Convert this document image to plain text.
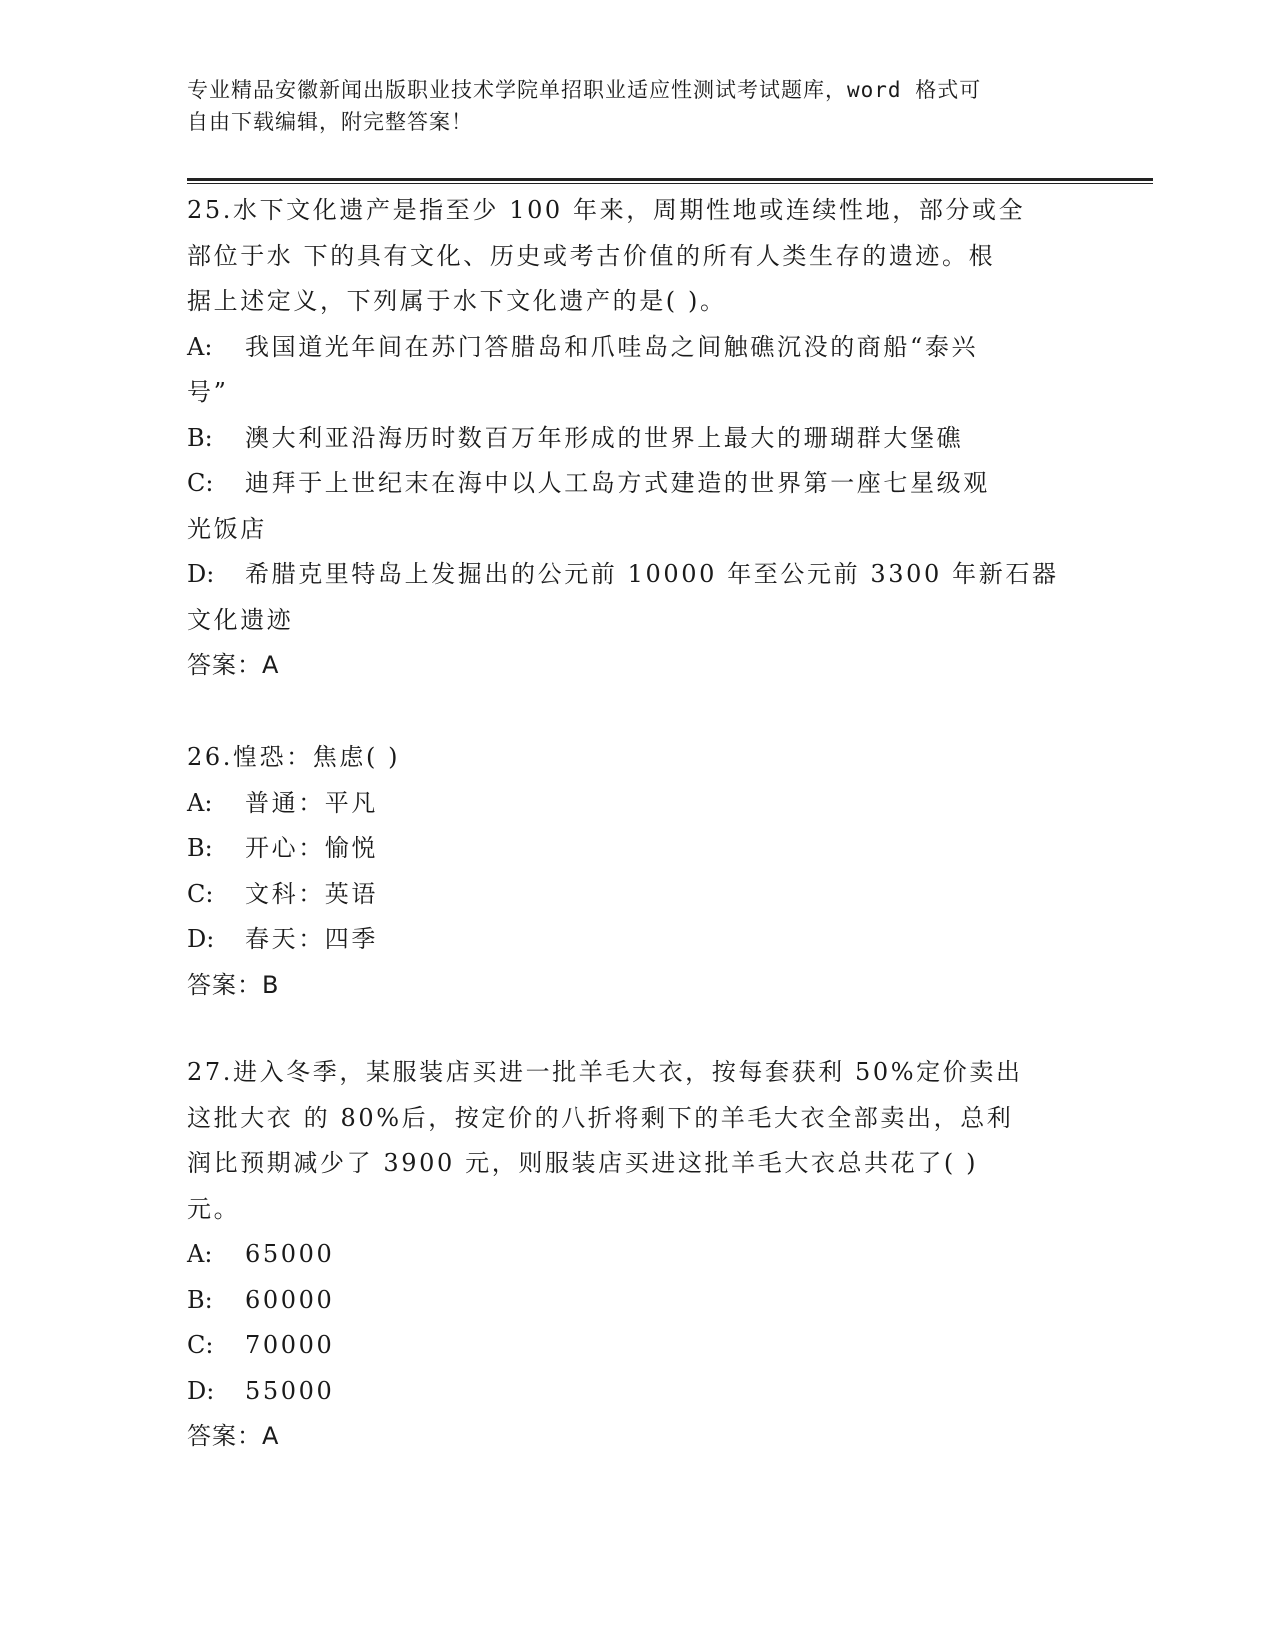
专业精品安徽新闻出版职业技术学院单招职业适应性测试考试题库，word 格式可
自由下载编辑，附完整答案！
25.水下文化遗产是指至少 100 年来，周期性地或连续性地，部分或全
部位于水 下的具有文化、历史或考古价值的所有人类生存的遗迹。根
据上述定义，下列属于水下文化遗产的是( )。
A: 我国道光年间在苏门答腊岛和爪哇岛之间触礁沉没的商船“泰兴
号”
B: 澳大利亚沿海历时数百万年形成的世界上最大的珊瑚群大堡礁
C: 迪拜于上世纪末在海中以人工岛方式建造的世界第一座七星级观
光饭店
D: 希腊克里特岛上发掘出的公元前 10000 年至公元前 3300 年新石器
文化遗迹
答案：A
26.惶恐：焦虑( )
A: 普通：平凡
B: 开心：愉悦
C: 文科：英语
D: 春天：四季
答案：B
27.进入冬季，某服装店买进一批羊毛大衣，按每套获利 50%定价卖出
这批大衣 的 80%后，按定价的八折将剩下的羊毛大衣全部卖出，总利
润比预期减少了 3900 元，则服装店买进这批羊毛大衣总共花了( )
元。
A: 65000
B: 60000
C: 70000
D: 55000
答案：A
